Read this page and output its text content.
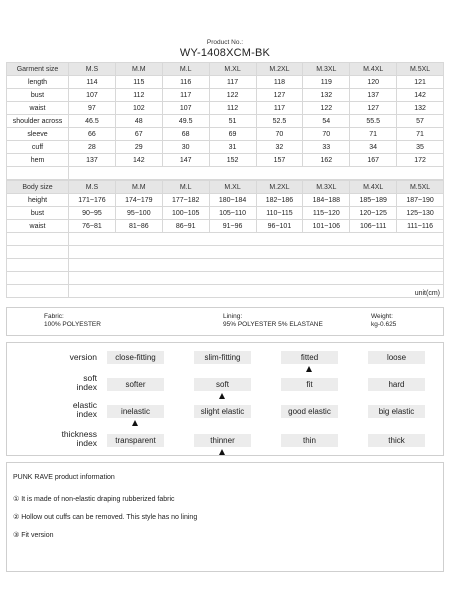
Product No.:
WY-1408XCM-BK
Garment size	M.S	M.M	M.L	M.XL	M.2XL	M.3XL	M.4XL	M.5XL
length	114	115	116	117	118	119	120	121
bust	107	112	117	122	127	132	137	142
waist	97	102	107	112	117	122	127	132
shoulder across	46.5	48	49.5	51	52.5	54	55.5	57
sleeve	66	67	68	69	70	70	71	71
cuff	28	29	30	31	32	33	34	35
hem	137	142	147	152	157	162	167	172

Body size	M.S	M.M	M.L	M.XL	M.2XL	M.3XL	M.4XL	M.5XL
height	171~176	174~179	177~182	180~184	182~186	184~188	185~189	187~190
bust	90~95	95~100	100~105	105~110	110~115	115~120	120~125	125~130
waist	76~81	81~86	86~91	91~96	96~101	101~106	106~111	111~116

	unit(cm)							
Fabric:
100% POLYESTER
Lining:
95% POLYESTER 5% ELASTANE
Weight:
kg-0.625
version	close-fitting	slim-fitting	fitted	loose
soft
index	softer	soft	fit	hard
elastic
index	inelastic	slight elastic	good elastic	big elastic
thickness
index	transparent	thinner	thin	thick
PUNK RAVE product information
① It is made of non-elastic draping rubberized fabric
② Hollow out cuffs can be removed. This style has no lining
③ Fit version
